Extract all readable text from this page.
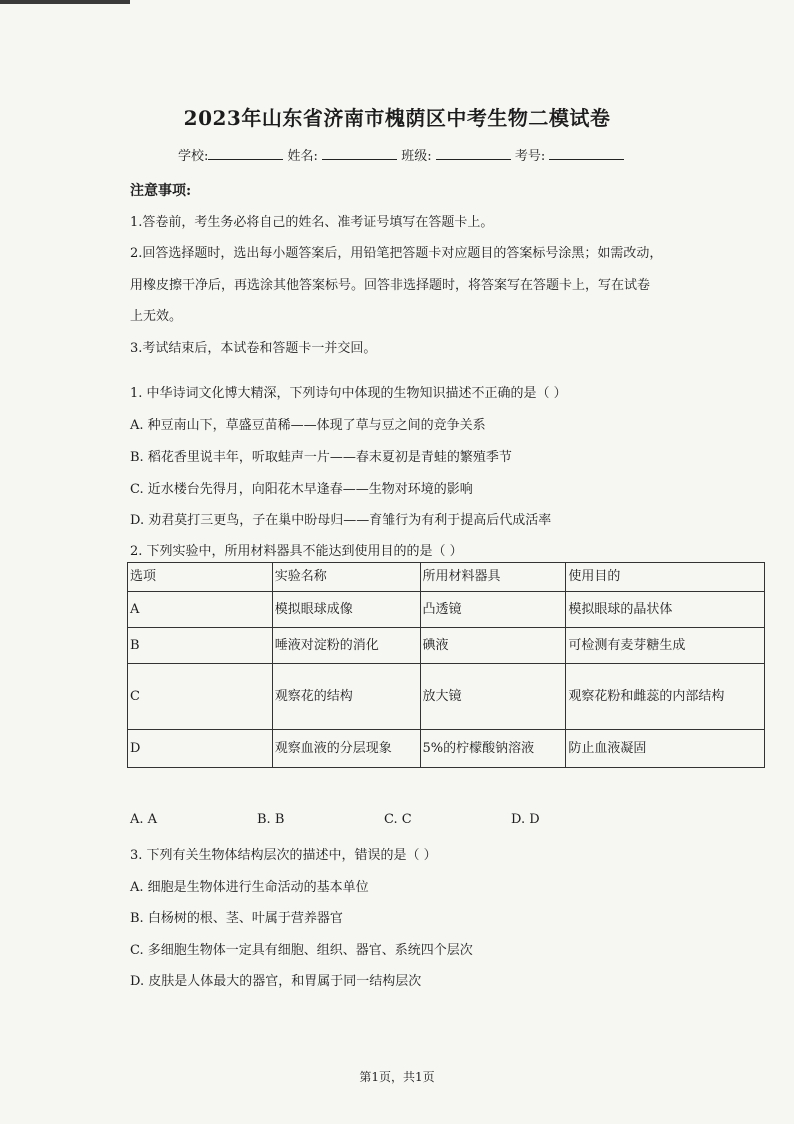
2023年山东省济南市槐荫区中考生物二模试卷
学校:	姓名:	班级:	考号:
注意事项:
1.答卷前，考生务必将自己的姓名、准考证号填写在答题卡上。
2.回答选择题时，选出每小题答案后，用铅笔把答题卡对应题目的答案标号涂黑；如需改动，
用橡皮擦干净后，再选涂其他答案标号。回答非选择题时，将答案写在答题卡上，写在试卷
上无效。
3.考试结束后，本试卷和答题卡一并交回。
1. 中华诗词文化博大精深，下列诗句中体现的生物知识描述不正确的是（ ）
A. 种豆南山下，草盛豆苗稀——体现了草与豆之间的竞争关系
B. 稻花香里说丰年，听取蛙声一片——春末夏初是青蛙的繁殖季节
C. 近水楼台先得月，向阳花木早逢春——生物对环境的影响
D. 劝君莫打三更鸟，子在巢中盼母归——育雏行为有利于提高后代成活率
2. 下列实验中，所用材料器具不能达到使用目的的是（ ）
选项	实验名称	所用材料器具	使用目的
A	模拟眼球成像	凸透镜	模拟眼球的晶状体
B	唾液对淀粉的消化	碘液	可检测有麦芽糖生成
C	观察花的结构	放大镜	观察花粉和雌蕊的内部结构
D	观察血液的分层现象	5%的柠檬酸钠溶液	防止血液凝固
A. A	B. B	C. C	D. D
3. 下列有关生物体结构层次的描述中，错误的是（ ）
A. 细胞是生物体进行生命活动的基本单位
B. 白杨树的根、茎、叶属于营养器官
C. 多细胞生物体一定具有细胞、组织、器官、系统四个层次
D. 皮肤是人体最大的器官，和胃属于同一结构层次
第1页，共1页
